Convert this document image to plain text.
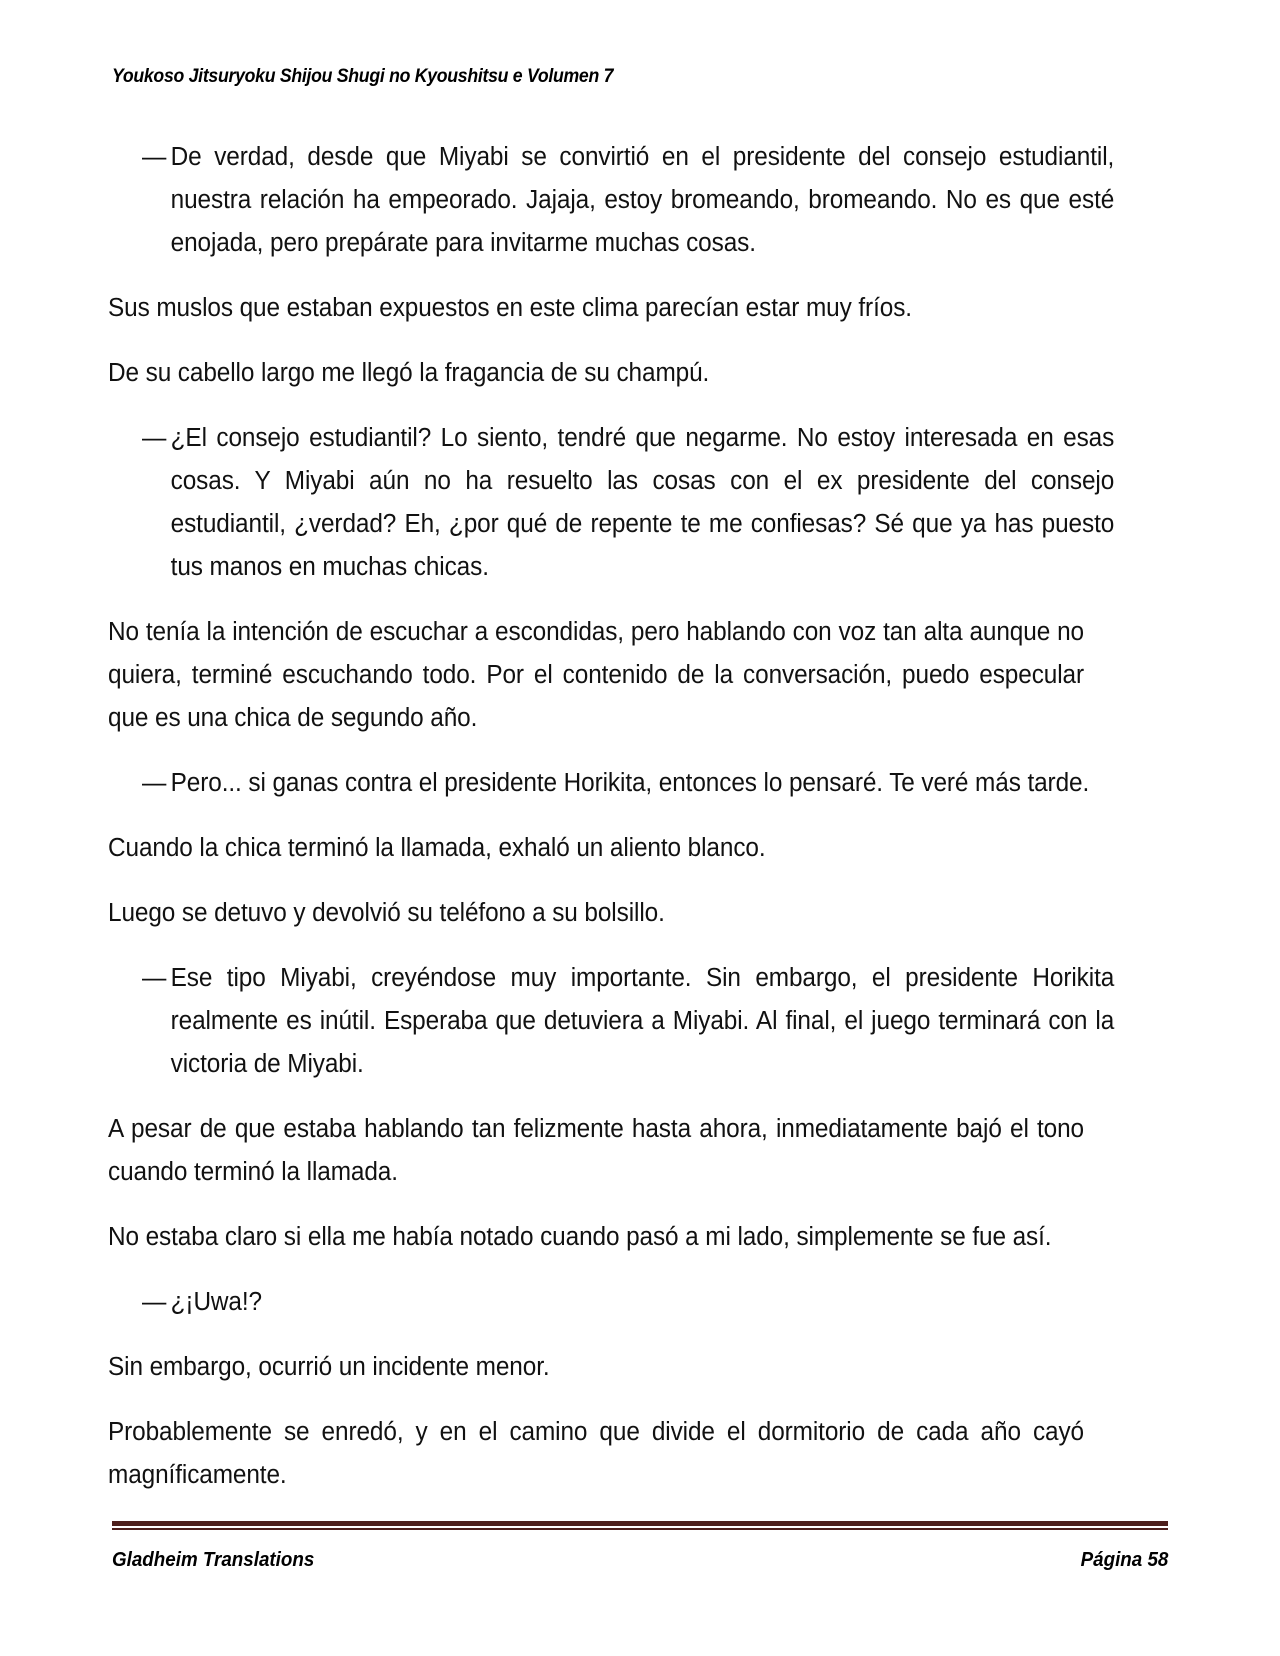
Youkoso Jitsuryoku Shijou Shugi no Kyoushitsu e Volumen 7

— De verdad, desde que Miyabi se convirtió en el presidente del consejo estudiantil, nuestra relación ha empeorado. Jajaja, estoy bromeando, bromeando. No es que esté enojada, pero prepárate para invitarme muchas cosas.

Sus muslos que estaban expuestos en este clima parecían estar muy fríos.

De su cabello largo me llegó la fragancia de su champú.

— ¿El consejo estudiantil? Lo siento, tendré que negarme. No estoy interesada en esas cosas. Y Miyabi aún no ha resuelto las cosas con el ex presidente del consejo estudiantil, ¿verdad? Eh, ¿por qué de repente te me confiesas? Sé que ya has puesto tus manos en muchas chicas.

No tenía la intención de escuchar a escondidas, pero hablando con voz tan alta aunque no quiera, terminé escuchando todo. Por el contenido de la conversación, puedo especular que es una chica de segundo año.

— Pero... si ganas contra el presidente Horikita, entonces lo pensaré. Te veré más tarde.

Cuando la chica terminó la llamada, exhaló un aliento blanco.

Luego se detuvo y devolvió su teléfono a su bolsillo.

— Ese tipo Miyabi, creyéndose muy importante. Sin embargo, el presidente Horikita realmente es inútil. Esperaba que detuviera a Miyabi. Al final, el juego terminará con la victoria de Miyabi.

A pesar de que estaba hablando tan felizmente hasta ahora, inmediatamente bajó el tono cuando terminó la llamada.

No estaba claro si ella me había notado cuando pasó a mi lado, simplemente se fue así.

— ¿¡Uwa!?

Sin embargo, ocurrió un incidente menor.

Probablemente se enredó, y en el camino que divide el dormitorio de cada año cayó magníficamente.

Gladheim Translations	Página 58
